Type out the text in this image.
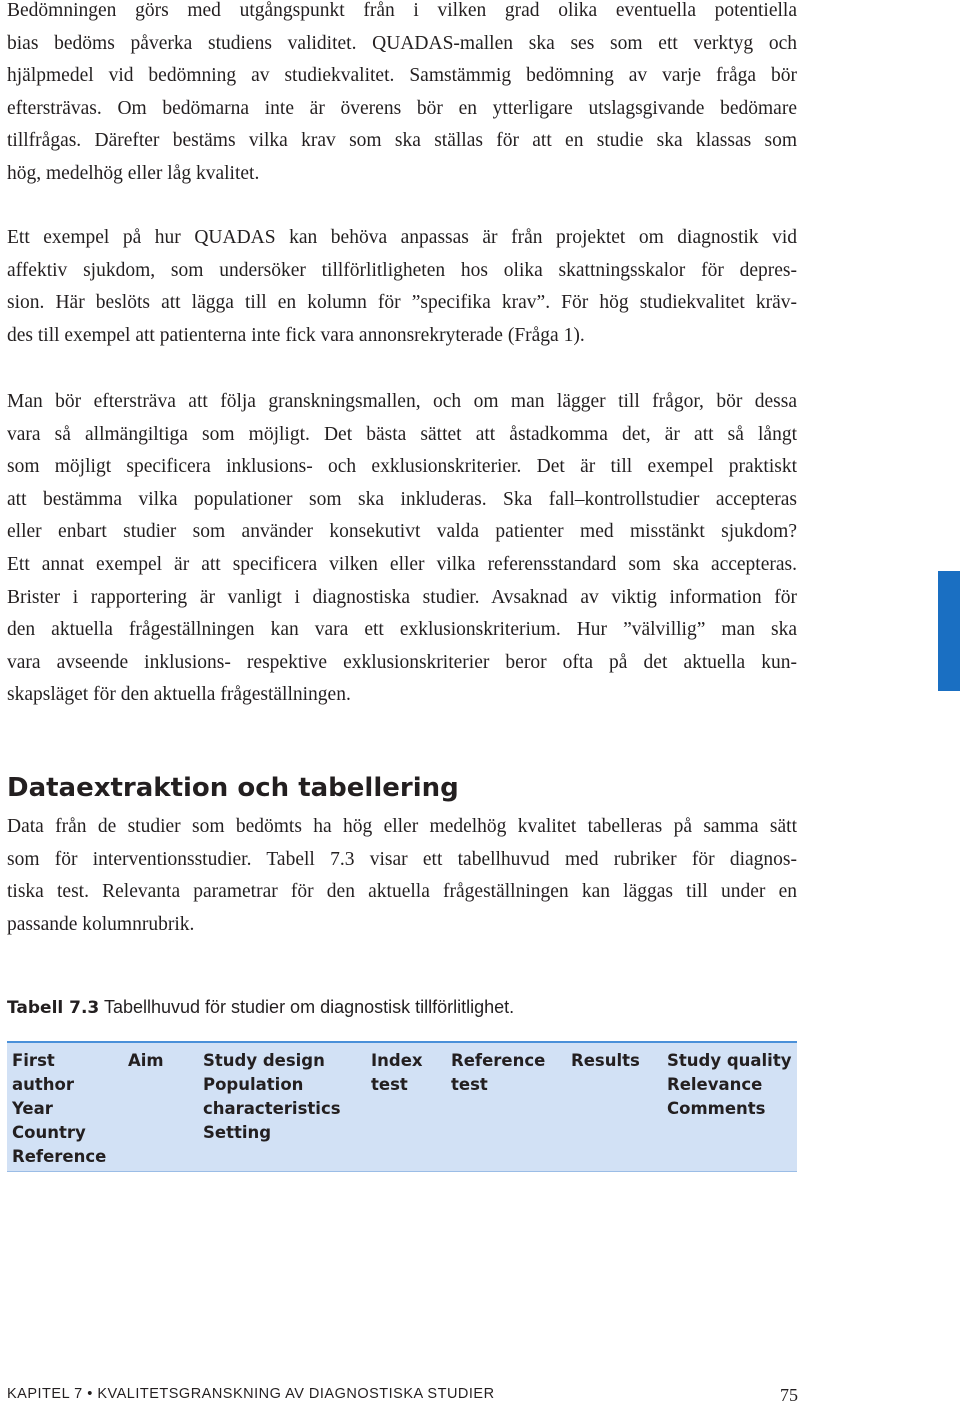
Bedömningen görs med utgångspunkt från i vilken grad olika eventuella potentiella
bias bedöms påverka studiens validitet. QUADAS-mallen ska ses som ett verktyg och
hjälpmedel vid bedömning av studiekvalitet. Samstämmig bedömning av varje fråga bör
eftersträvas. Om bedömarna inte är överens bör en ytterligare utslagsgivande bedömare
tillfrågas. Därefter bestäms vilka krav som ska ställas för att en studie ska klassas som
hög, medelhög eller låg kvalitet.
Ett exempel på hur QUADAS kan behöva anpassas är från projektet om diagnostik vid
affektiv sjukdom, som undersöker tillförlitligheten hos olika skattningsskalor för depres-
sion. Här beslöts att lägga till en kolumn för ”specifika krav”. För hög studiekvalitet kräv-
des till exempel att patienterna inte fick vara annonsrekryterade (Fråga 1).
Man bör eftersträva att följa granskningsmallen, och om man lägger till frågor, bör dessa
vara så allmängiltiga som möjligt. Det bästa sättet att åstadkomma det, är att så långt
som möjligt specificera inklusions- och exklusionskriterier. Det är till exempel praktiskt
att bestämma vilka populationer som ska inkluderas. Ska fall–kontrollstudier accepteras
eller enbart studier som använder konsekutivt valda patienter med misstänkt sjukdom?
Ett annat exempel är att specificera vilken eller vilka referensstandard som ska accepteras.
Brister i rapportering är vanligt i diagnostiska studier. Avsaknad av viktig information för
den aktuella frågeställningen kan vara ett exklusionskriterium. Hur ”välvillig” man ska
vara avseende inklusions- respektive exklusionskriterier beror ofta på det aktuella kun-
skapsläget för den aktuella frågeställningen.
Dataextraktion och tabellering
Data från de studier som bedömts ha hög eller medelhög kvalitet tabelleras på samma sätt
som för interventionsstudier. Tabell 7.3 visar ett tabellhuvud med rubriker för diagnos-
tiska test. Relevanta parametrar för den aktuella frågeställningen kan läggas till under en
passande kolumnrubrik.

Tabell 7.3 Tabellhuvud för studier om diagnostisk tillförlitlighet.

First
author
Year
Country
Reference
Aim Study design
Population
characteristics
Setting
Index
test
Reference
test
Results Study quality
Relevance
Comments

KAPITEL 7 • KVALITETSGRANSKNING AV DIAGNOSTISKA STUDIER	75
